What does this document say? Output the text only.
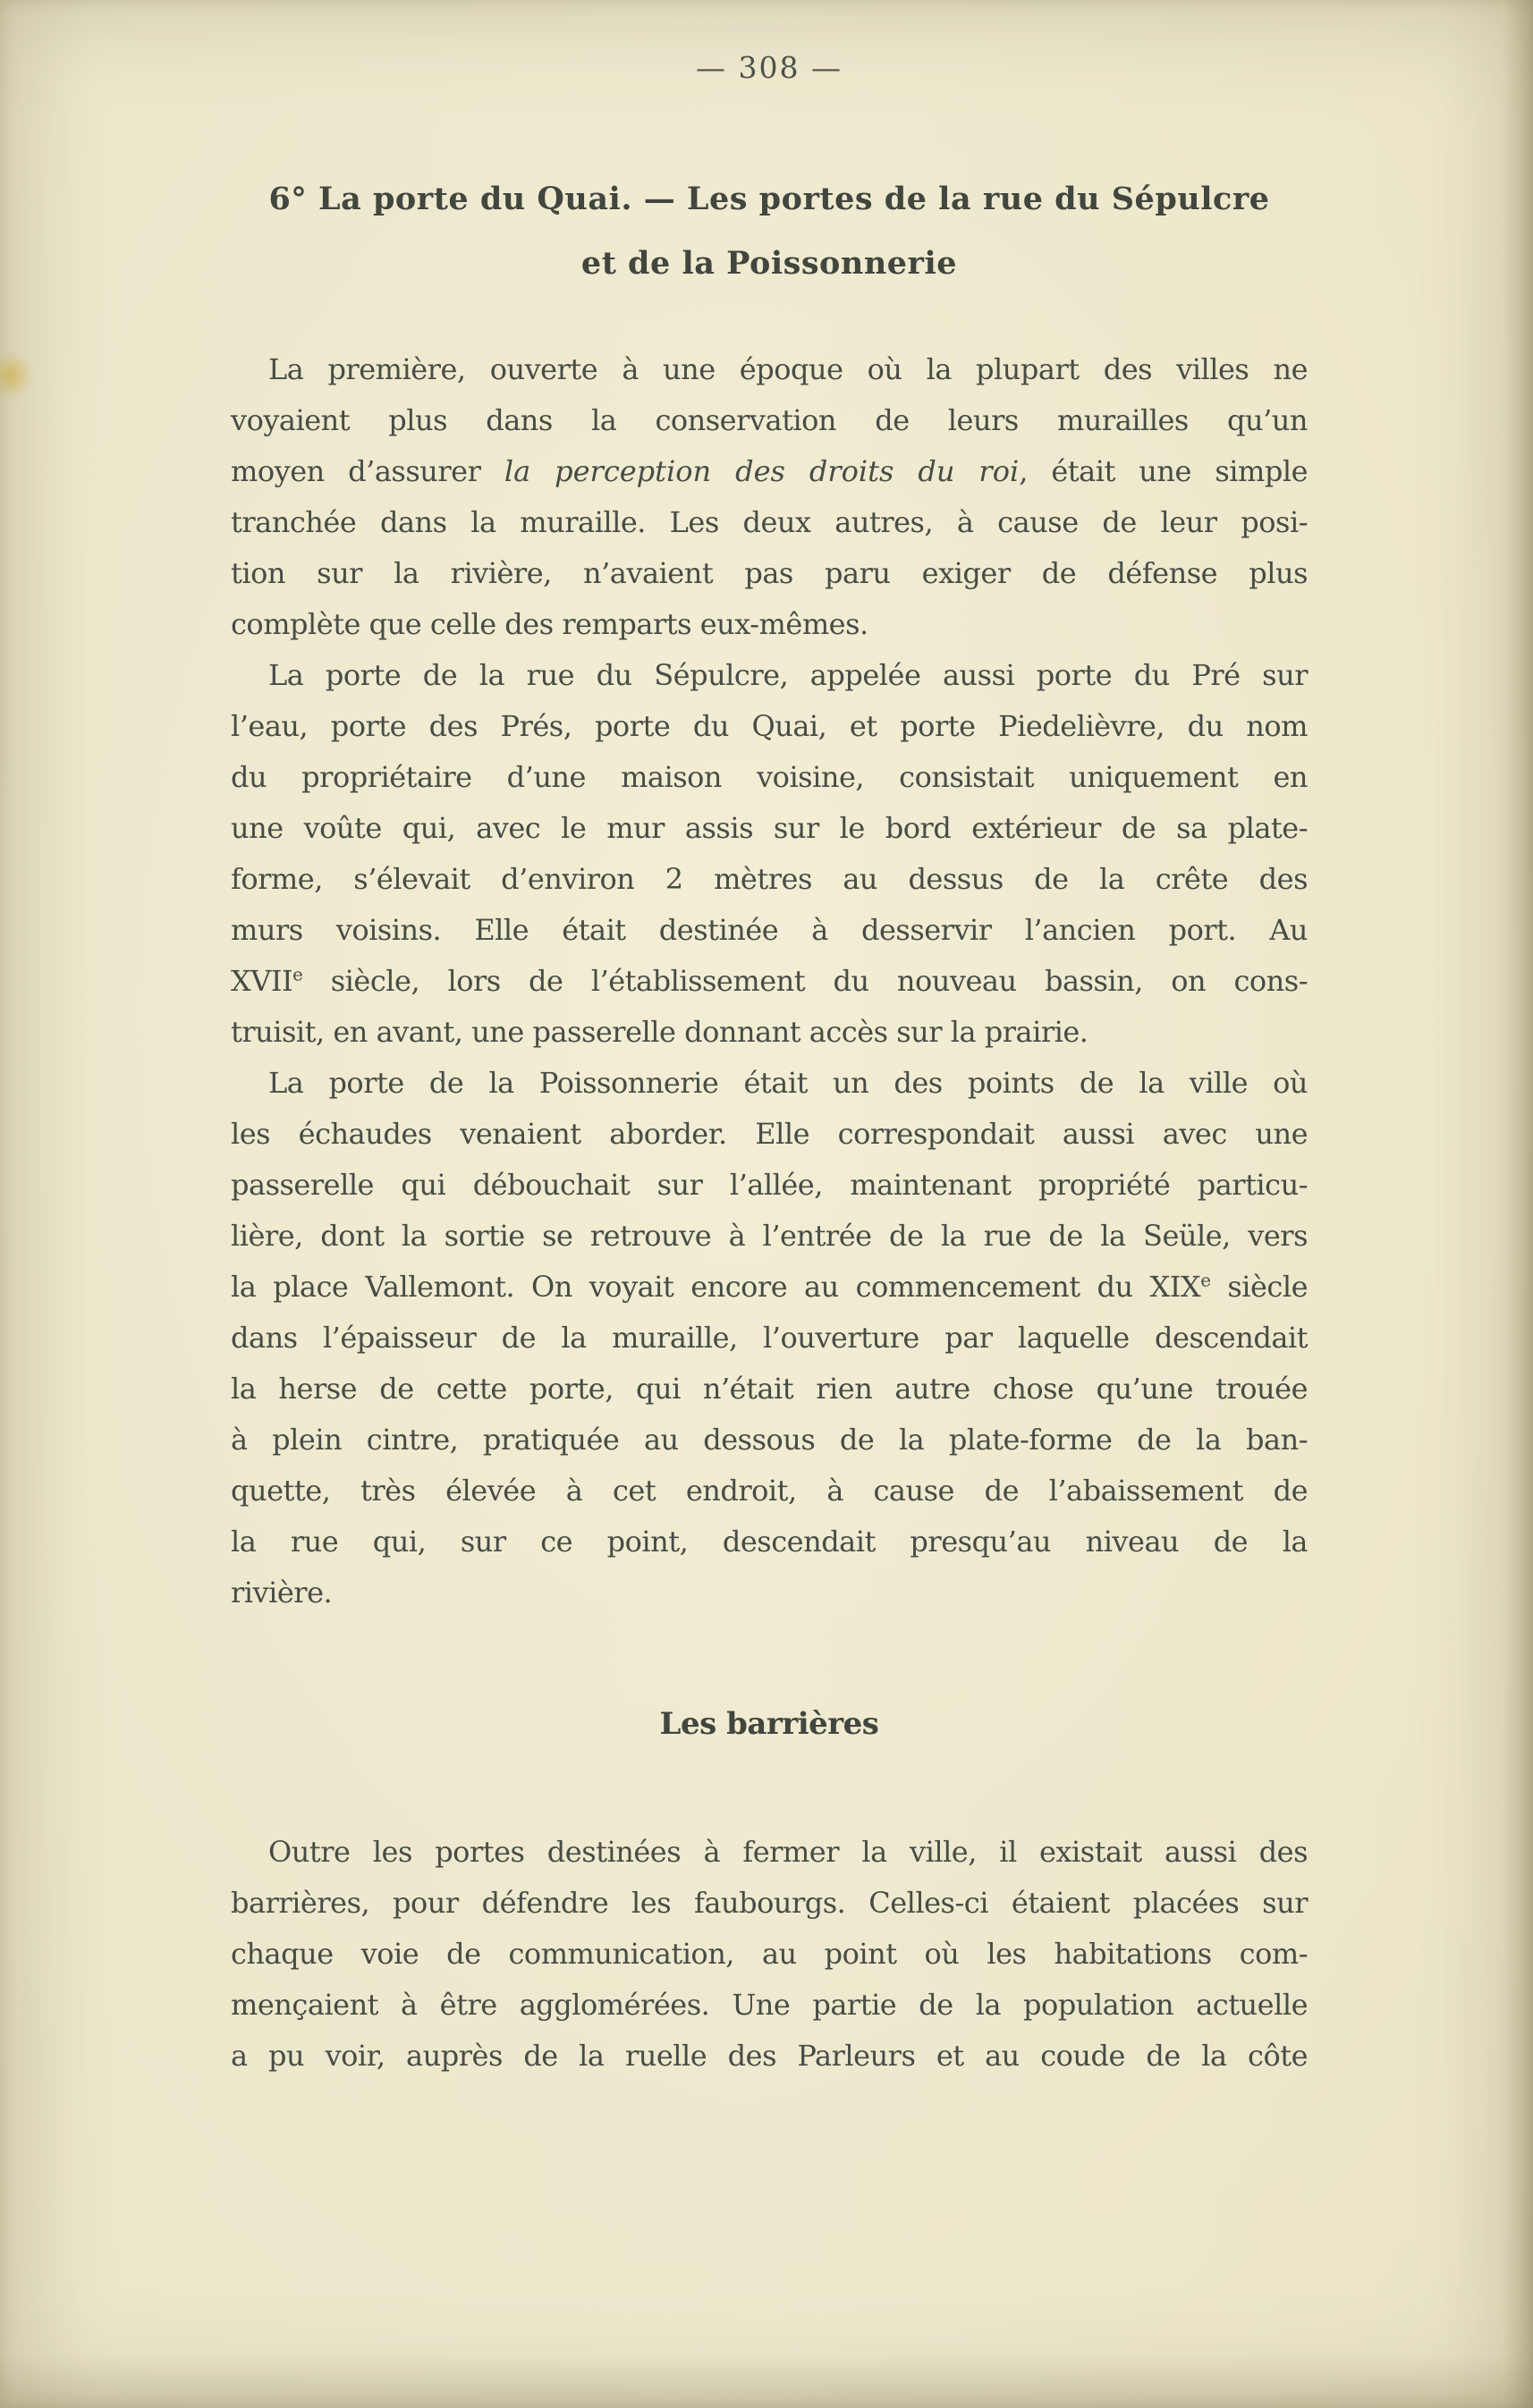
— 308 —
6° La porte du Quai. — Les portes de la rue du Sépulcre
et de la Poissonnerie
La première, ouverte à une époque où la plupart des villes ne
voyaient plus dans la conservation de leurs murailles qu’un
moyen d’assurer la perception des droits du roi, était une simple
tranchée dans la muraille. Les deux autres, à cause de leur posi-
tion sur la rivière, n’avaient pas paru exiger de défense plus
complète que celle des remparts eux-mêmes.
La porte de la rue du Sépulcre, appelée aussi porte du Pré sur
l’eau, porte des Prés, porte du Quai, et porte Piedelièvre, du nom
du propriétaire d’une maison voisine, consistait uniquement en
une voûte qui, avec le mur assis sur le bord extérieur de sa plate-
forme, s’élevait d’environ 2 mètres au dessus de la crête des
murs voisins. Elle était destinée à desservir l’ancien port. Au
XVIIe siècle, lors de l’établissement du nouveau bassin, on cons-
truisit, en avant, une passerelle donnant accès sur la prairie.
La porte de la Poissonnerie était un des points de la ville où
les échaudes venaient aborder. Elle correspondait aussi avec une
passerelle qui débouchait sur l’allée, maintenant propriété particu-
lière, dont la sortie se retrouve à l’entrée de la rue de la Seüle, vers
la place Vallemont. On voyait encore au commencement du XIXe siècle
dans l’épaisseur de la muraille, l’ouverture par laquelle descendait
la herse de cette porte, qui n’était rien autre chose qu’une trouée
à plein cintre, pratiquée au dessous de la plate-forme de la ban-
quette, très élevée à cet endroit, à cause de l’abaissement de
la rue qui, sur ce point, descendait presqu’au niveau de la
rivière.
Les barrières
Outre les portes destinées à fermer la ville, il existait aussi des
barrières, pour défendre les faubourgs. Celles-ci étaient placées sur
chaque voie de communication, au point où les habitations com-
mençaient à être agglomérées. Une partie de la population actuelle
a pu voir, auprès de la ruelle des Parleurs et au coude de la côte
